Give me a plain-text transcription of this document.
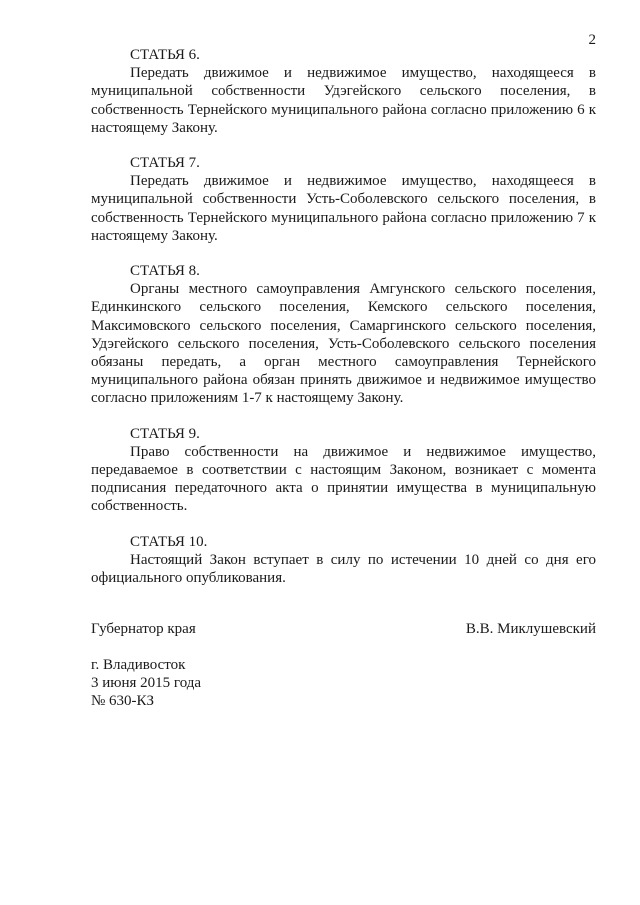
2

СТАТЬЯ 6.

Передать движимое и недвижимое имущество, находящееся в муниципальной собственности Удэгейского сельского поселения, в собственность Тернейского муниципального района согласно приложению 6 к настоящему Закону.

СТАТЬЯ 7.

Передать движимое и недвижимое имущество, находящееся в муниципальной собственности Усть-Соболевского сельского поселения, в собственность Тернейского муниципального района согласно приложению 7 к настоящему Закону.

СТАТЬЯ 8.

Органы местного самоуправления Амгунского сельского поселения, Единкинского сельского поселения, Кемского сельского поселения, Максимовского сельского поселения, Самаргинского сельского поселения, Удэгейского сельского поселения, Усть-Соболевского сельского поселения обязаны передать, а орган местного самоуправления Тернейского муниципального района обязан принять движимое и недвижимое имущество согласно приложениям 1-7 к настоящему Закону.

СТАТЬЯ 9.

Право собственности на движимое и недвижимое имущество, передаваемое в соответствии с настоящим Законом, возникает с момента подписания передаточного акта о принятии имущества в муниципальную собственность.

СТАТЬЯ 10.

Настоящий Закон вступает в силу по истечении 10 дней со дня его официального опубликования.

Губернатор края	В.В. Миклушевский
г. Владивосток
3 июня 2015 года
№ 630-КЗ
